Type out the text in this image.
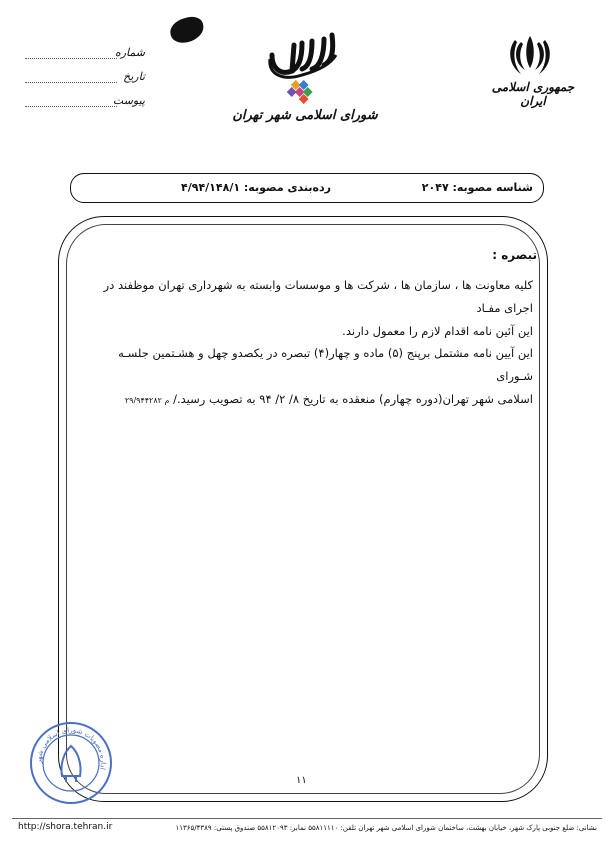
جمهوری اسلامی ایران
شورای اسلامی شهر تهران
شماره
تاریخ
پیوست
شناسه مصوبه: ۲۰۴۷
رده‌بندی مصوبه: ۴/۹۴/۱۴۸/۱
تبصره :
کلیه معاونت ها ، سازمان ها ، شرکت ها و موسسات وابسته به شهرداری تهران موظفند در اجرای مفـاد
این آئین نامه اقدام لازم را معمول دارند.
این آیین نامه مشتمل برپنج (۵) ماده و چهار(۴) تبصره در یکصدو چهل و هشـتمین جلسـه شـورای
اسلامی شهر تهران(دوره چهارم) منعقده به تاریخ ۸/ ۲/ ۹۴ به تصویب رسید./ م ۲۹/۹۴۴۲۸۲
۱۱
اداره مصوبات شورای اسلامی شهر
نشانی: ضلع جنوبی پارک شهر، خیابان بهشت، ساختمان شورای اسلامی شهر تهران تلفن: ۵۵۸۱۱۱۱۰ نمابر: ۵۵۸۱۲۰۹۳ صندوق پستی: ۱۱۳۶۵/۴۳۸۹
http://shora.tehran.ir
